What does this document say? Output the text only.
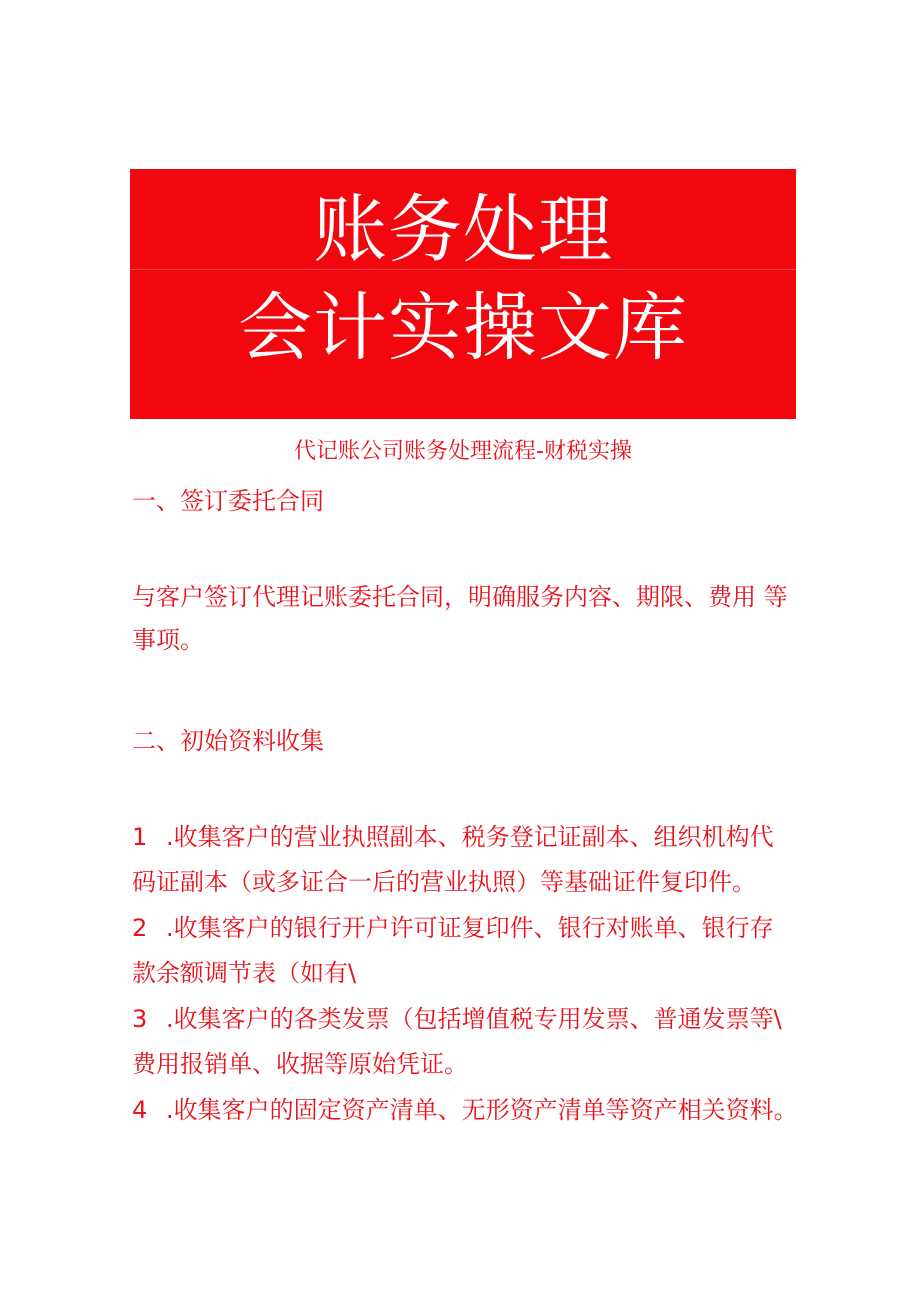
账务处理
会计实操文库
代记账公司账务处理流程-财税实操
一、签订委托合同
与客户签订代理记账委托合同，明确服务内容、期限、费用 等事项。
二、初始资料收集
1 .收集客户的营业执照副本、税务登记证副本、组织机构代 码证副本（或多证合一后的营业执照）等基础证件复印件。
2 .收集客户的银行开户许可证复印件、银行对账单、银行存 款余额调节表（如有\
3 .收集客户的各类发票（包括增值税专用发票、普通发票等\ 费用报销单、收据等原始凭证。
4 .收集客户的固定资产清单、无形资产清单等资产相关资料。
